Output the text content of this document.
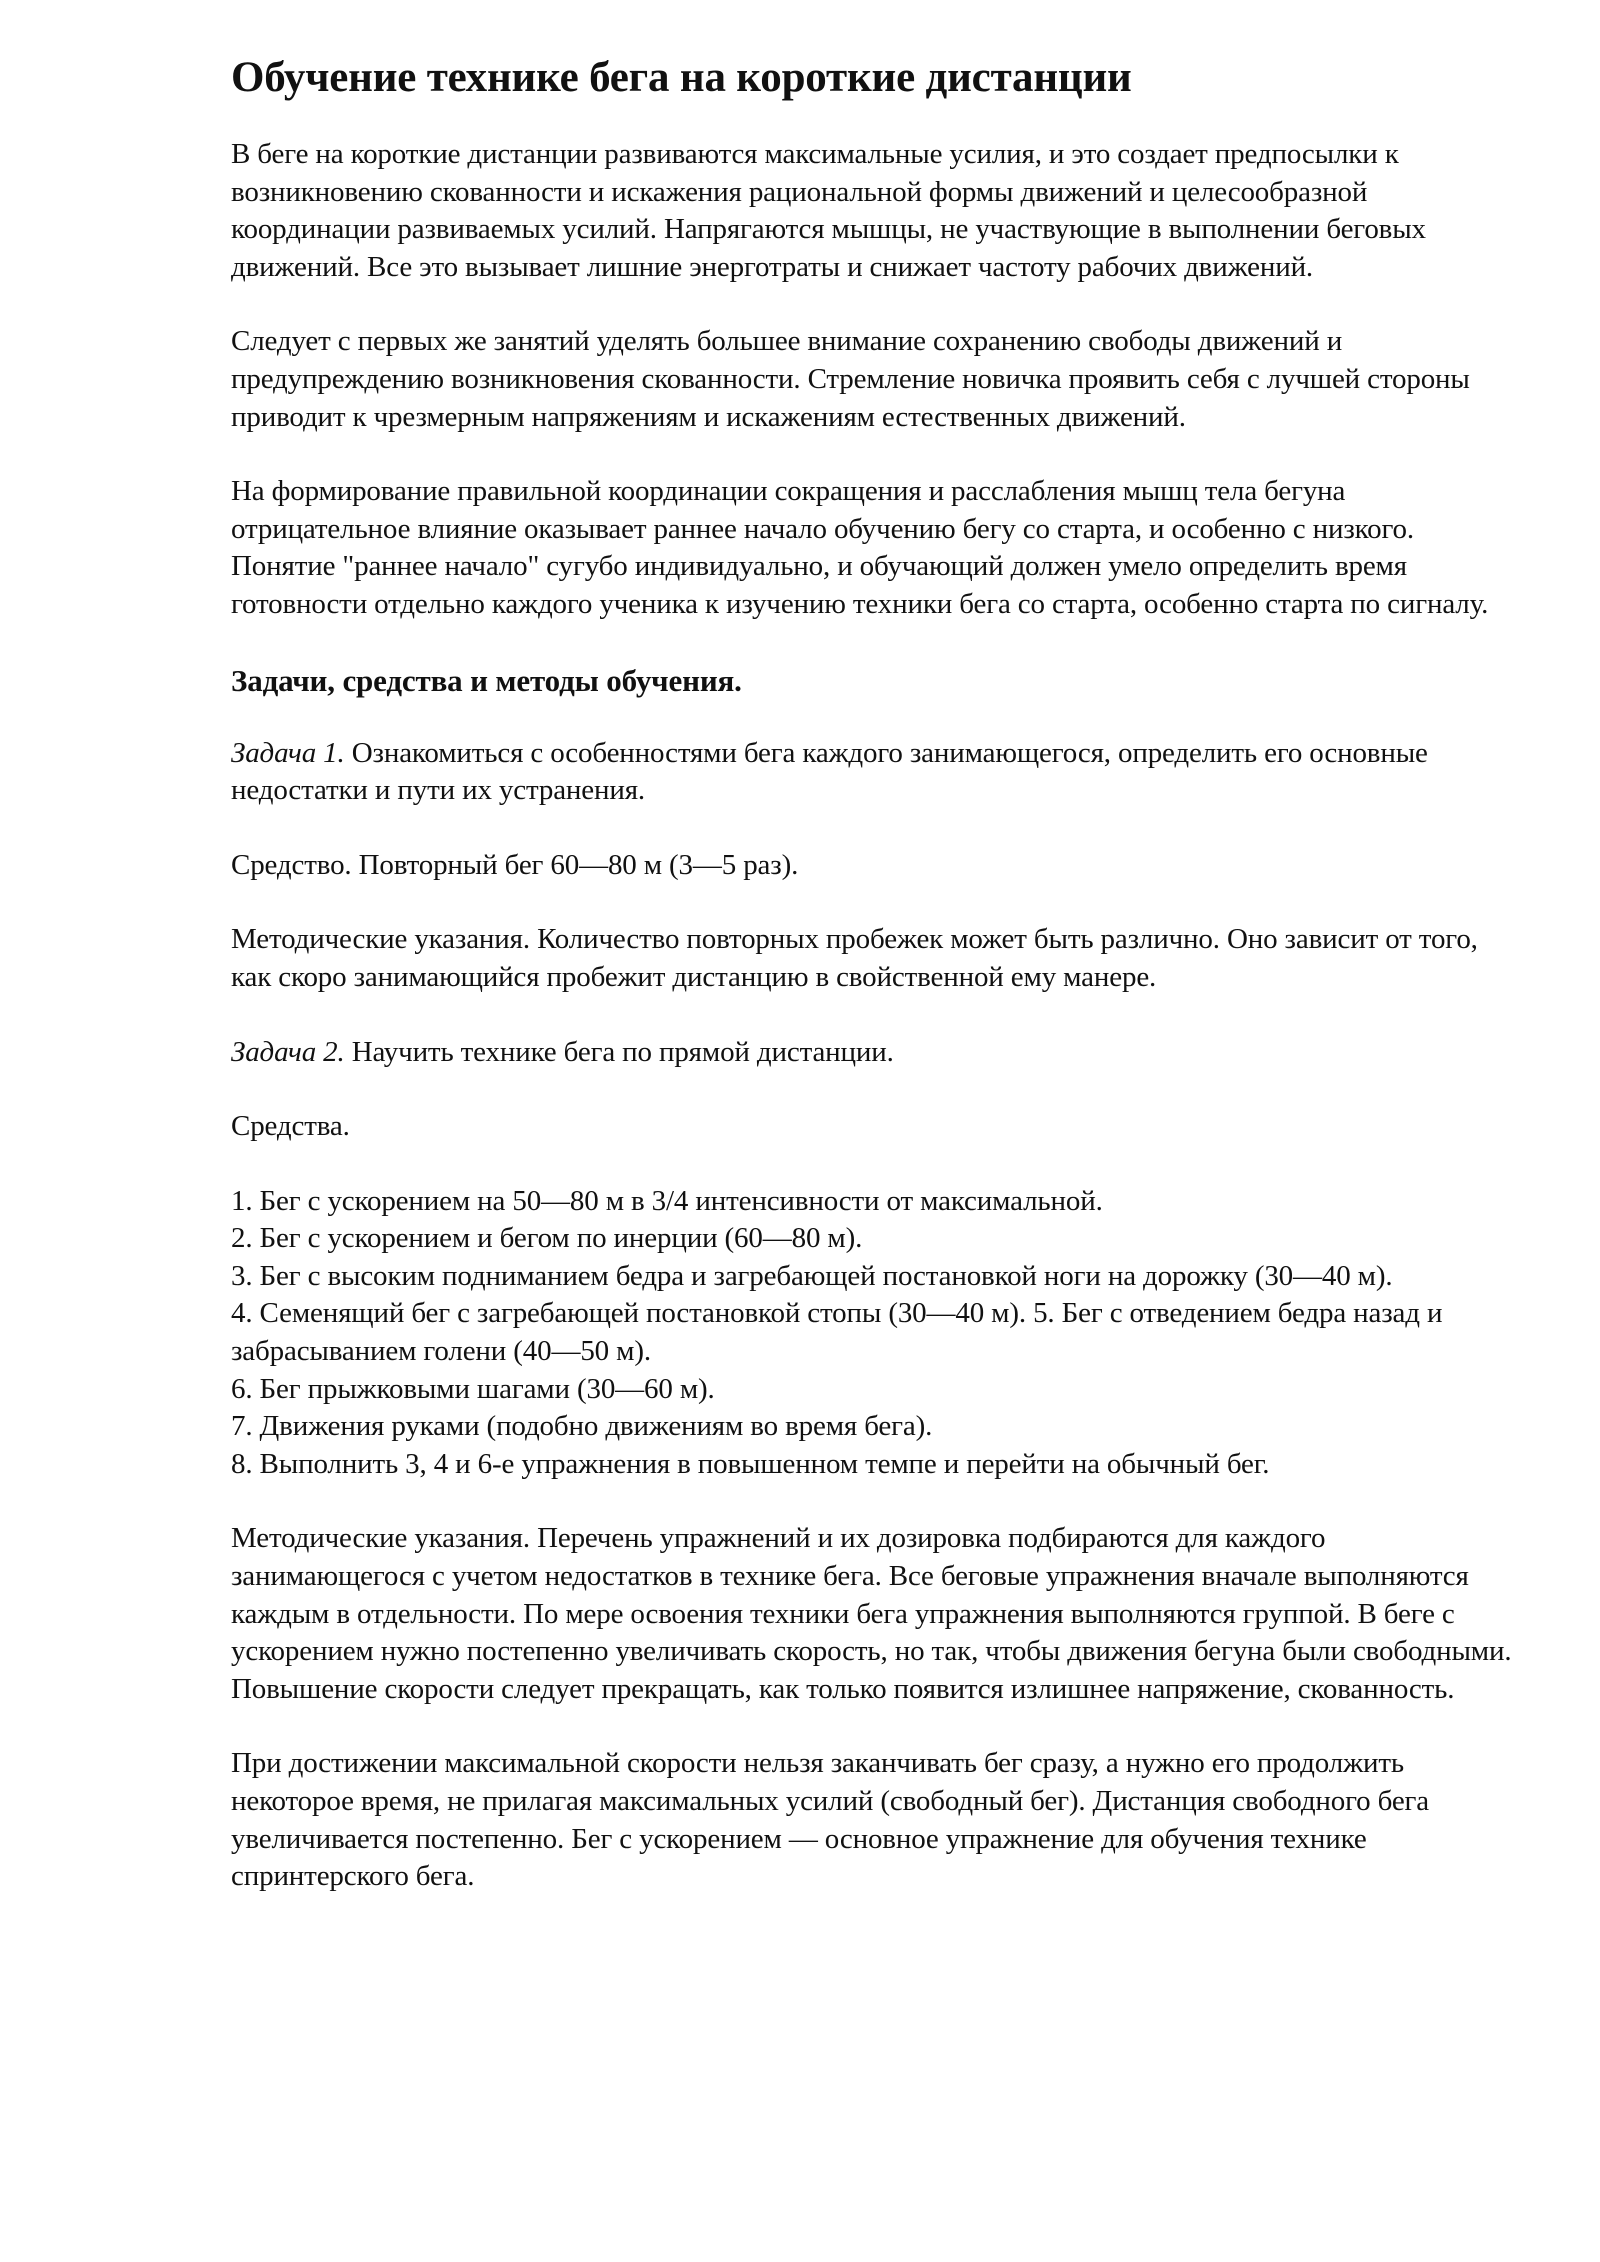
Обучение технике бега на короткие дистанции

В беге на короткие дистанции развиваются максимальные усилия, и это создает предпосылки к возникновению скованности и искажения рациональной формы движений и целесообразной координации развиваемых усилий. Напрягаются мышцы, не участвующие в выполнении беговых движений. Все это вызывает лишние энерготраты и снижает частоту рабочих движений.

Следует с первых же занятий уделять большее внимание сохранению свободы движений и предупреждению возникновения скованности. Стремление новичка проявить себя с лучшей стороны приводит к чрезмерным напряжениям и искажениям естественных движений.

На формирование правильной координации сокращения и расслабления мышц тела бегуна отрицательное влияние оказывает раннее начало обучению бегу со старта, и особенно с низкого. Понятие "раннее начало" сугубо индивидуально, и обучающий должен умело определить время готовности отдельно каждого ученика к изучению техники бега со старта, особенно старта по сигналу.

Задачи, средства и методы обучения.

Задача 1. Ознакомиться с особенностями бега каждого занимающегося, определить его основные недостатки и пути их устранения.

Средство. Повторный бег 60—80 м (3—5 раз).

Методические указания. Количество повторных пробежек может быть различно. Оно зависит от того, как скоро занимающийся пробежит дистанцию в свойственной ему манере.

Задача 2. Научить технике бега по прямой дистанции.

Средства.

1. Бег с ускорением на 50—80 м в 3/4 интенсивности от максимальной.
2. Бег с ускорением и бегом по инерции (60—80 м).
3. Бег с высоким подниманием бедра и загребающей постановкой ноги на дорожку (30—40 м).
4. Семенящий бег с загребающей постановкой стопы (30—40 м). 5. Бег с отведением бедра назад и забрасыванием голени (40—50 м).
6. Бег прыжковыми шагами (30—60 м).
7. Движения руками (подобно движениям во время бега).
8. Выполнить 3, 4 и 6-е упражнения в повышенном темпе и перейти на обычный бег.

Методические указания. Перечень упражнений и их дозировка подбираются для каждого занимающегося с учетом недостатков в технике бега. Все беговые упражнения вначале выполняются каждым в отдельности. По мере освоения техники бега упражнения выполняются группой. В беге с ускорением нужно постепенно увеличивать скорость, но так, чтобы движения бегуна были свободными. Повышение скорости следует прекращать, как только появится излишнее напряжение, скованность.

При достижении максимальной скорости нельзя заканчивать бег сразу, а нужно его продолжить некоторое время, не прилагая максимальных усилий (свободный бег). Дистанция свободного бега увеличивается постепенно. Бег с ускорением — основное упражнение для обучения технике спринтерского бега.
